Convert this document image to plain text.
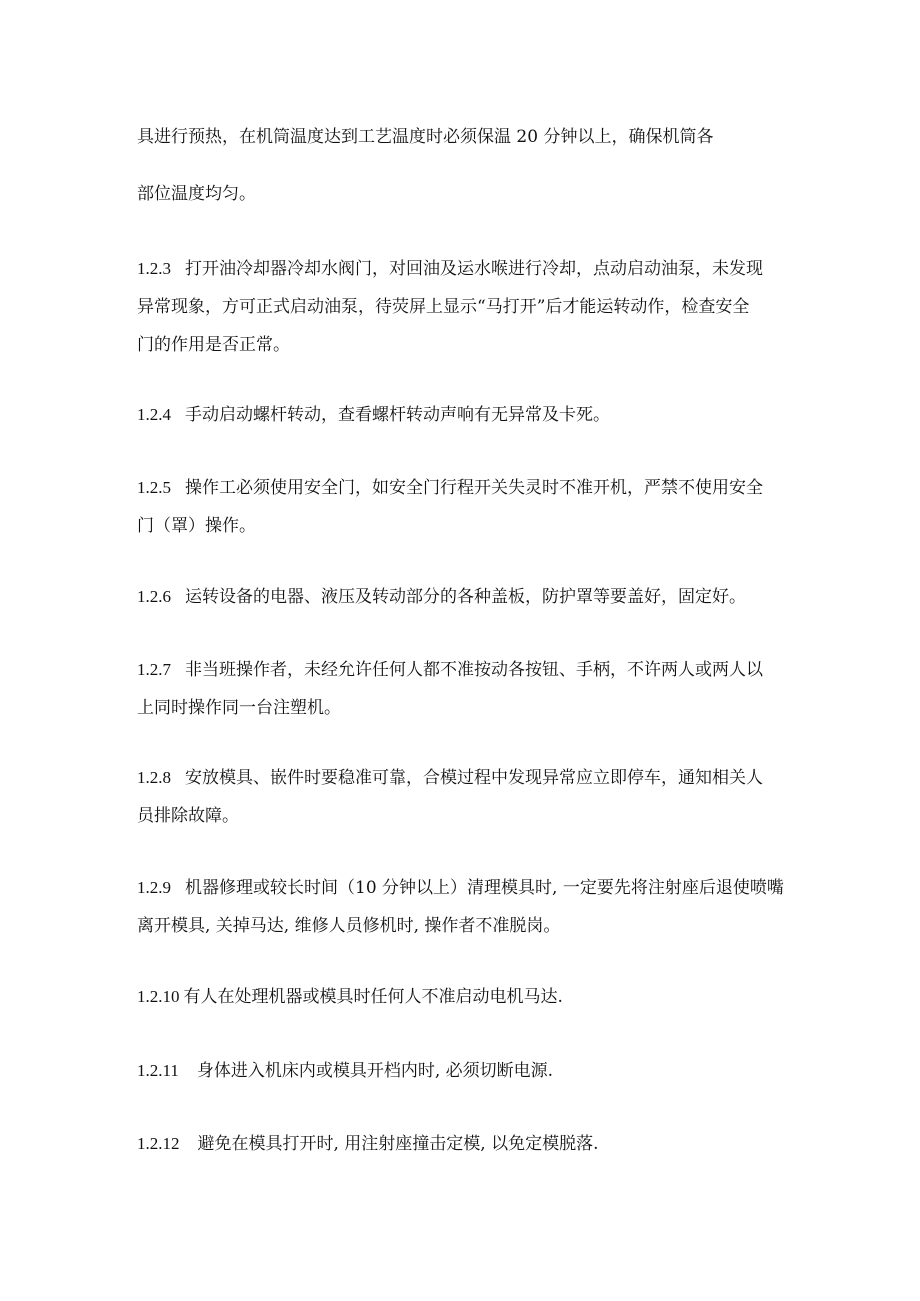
具进行预热，在机筒温度达到工艺温度时必须保温 20 分钟以上，确保机筒各
部位温度均匀。
1.2.3 打开油冷却器冷却水阀门，对回油及运水喉进行冷却，点动启动油泵，未发现
异常现象，方可正式启动油泵，待荧屏上显示“马打开”后才能运转动作，检查安全
门的作用是否正常。
1.2.4 手动启动螺杆转动，查看螺杆转动声响有无异常及卡死。
1.2.5 操作工必须使用安全门，如安全门行程开关失灵时不准开机，严禁不使用安全
门（罩）操作。
1.2.6 运转设备的电器、液压及转动部分的各种盖板，防护罩等要盖好，固定好。
1.2.7 非当班操作者，未经允许任何人都不准按动各按钮、手柄，不许两人或两人以
上同时操作同一台注塑机。
1.2.8 安放模具、嵌件时要稳准可靠，合模过程中发现异常应立即停车，通知相关人
员排除故障。
1.2.9 机器修理或较长时间（10 分钟以上）清理模具时, 一定要先将注射座后退使喷嘴
离开模具, 关掉马达, 维修人员修机时, 操作者不准脱岗。
1.2.10 有人在处理机器或模具时任何人不准启动电机马达.
1.2.11 身体进入机床内或模具开档内时, 必须切断电源.
1.2.12 避免在模具打开时, 用注射座撞击定模, 以免定模脱落.
